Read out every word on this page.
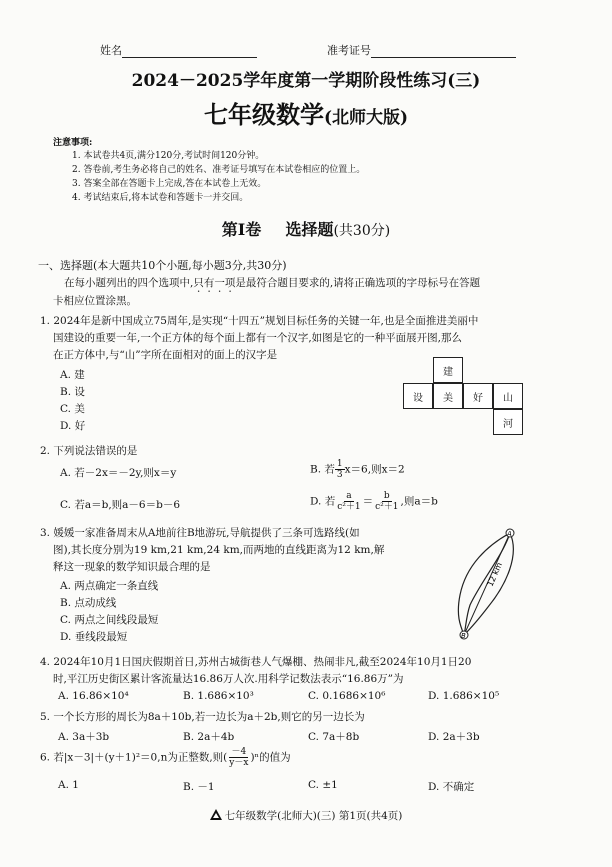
姓名	准考证号
2024－2025学年度第一学期阶段性练习(三)
七年级数学(北师大版)
注意事项:
1. 本试卷共4页,满分120分,考试时间120分钟。
2. 答卷前,考生务必将自己的姓名、准考证号填写在本试卷相应的位置上。
3. 答案全部在答题卡上完成,答在本试卷上无效。
4. 考试结束后,将本试卷和答题卡一并交回。
第Ⅰ卷 选择题(共30分)
一、选择题(本大题共10个小题,每小题3分,共30分)
在每小题列出的四个选项中,只有一项是最符合题目要求的,请将正确选项的字母标号在答题
卡相应位置涂黑。
1. 2024年是新中国成立75周年,是实现“十四五”规划目标任务的关键一年,也是全面推进美丽中
国建设的重要一年,一个正方体的每个面上都有一个汉字,如图是它的一种平面展开图,那么
在正方体中,与“山”字所在面相对的面上的汉字是
A. 建
B. 设
C. 美
D. 好
建
设	美	好	山
河
2. 下列说法错误的是
A. 若－2x＝－2y,则x＝y	B. 若 $\frac{1}{3} x=6$,则x＝2
C. 若a＝b,则a－6＝b－6	D. 若 $\frac{a}{\text{c²＋1}} = \frac{b}{\text{c²＋1}}$ ,则a＝b
3. 媛媛一家准备周末从A地前往B地游玩,导航提供了三条可选路线(如
图),其长度分别为19 km,21 km,24 km,而两地的直线距离为12 km,解
释这一现象的数学知识最合理的是
A. 两点确定一条直线
B. 点动成线
C. 两点之间线段最短
D. 垂线段最短
A
B
12 km
4. 2024年10月1日国庆假期首日,苏州古城街巷人气爆棚、热闹非凡,截至2024年10月1日20
时,平江历史街区累计客流量达16.86万人次.用科学记数法表示“16.86万”为
A. 16.86×10⁴	B. 1.686×10³	C. 0.1686×10⁶	D. 1.686×10⁵
5. 一个长方形的周长为8a＋10b,若一边长为a＋2b,则它的另一边长为
A. 3a＋3b	B. 2a＋4b	C. 7a＋8b	D. 2a＋3b
6. 若|x－3|＋(y＋1)²＝0,n为正整数,则( $\frac{-4}{y-x} )^n$的值为
A. 1	B. －1	C. ±1	D. 不确定
七年级数学(北师大)(三) 第1页(共4页)
